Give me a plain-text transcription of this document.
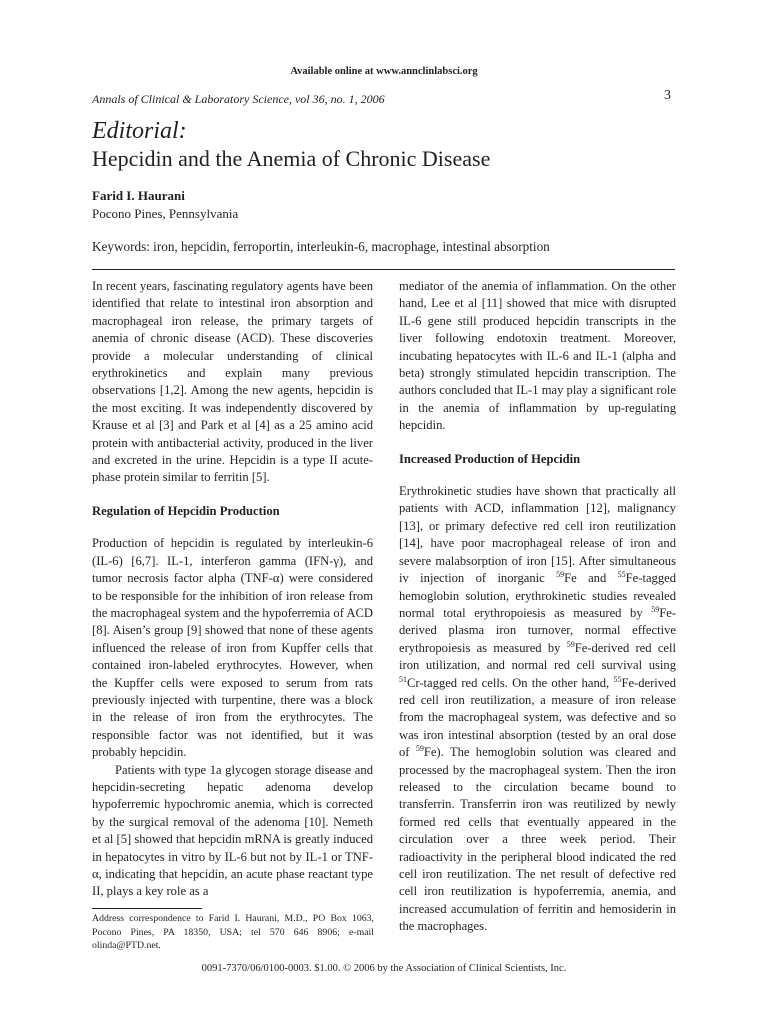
Available online at www.annclinlabsci.org
Annals of Clinical & Laboratory Science, vol 36, no. 1, 2006	3
Editorial:
Hepcidin and the Anemia of Chronic Disease
Farid I. Haurani
Pocono Pines, Pennsylvania
Keywords: iron, hepcidin, ferroportin, interleukin-6, macrophage, intestinal absorption

In recent years, fascinating regulatory agents have been identified that relate to intestinal iron absorption and macrophageal iron release, the primary targets of anemia of chronic disease (ACD). These discoveries provide a molecular understanding of clinical erythrokinetics and explain many previous observations [1,2]. Among the new agents, hepcidin is the most exciting. It was independently discovered by Krause et al [3] and Park et al [4] as a 25 amino acid protein with antibacterial activity, produced in the liver and excreted in the urine. Hepcidin is a type II acute-phase protein similar to ferritin [5].

Regulation of Hepcidin Production

Production of hepcidin is regulated by interleukin-6 (IL-6) [6,7]. IL-1, interferon gamma (IFN-γ), and tumor necrosis factor alpha (TNF-α) were considered to be responsible for the inhibition of iron release from the macrophageal system and the hypoferremia of ACD [8]. Aisen’s group [9] showed that none of these agents influenced the release of iron from Kupffer cells that contained iron-labeled erythrocytes. However, when the Kupffer cells were exposed to serum from rats previously injected with turpentine, there was a block in the release of iron from the erythrocytes. The responsible factor was not identified, but it was probably hepcidin.

Patients with type 1a glycogen storage disease and hepcidin-secreting hepatic adenoma develop hypoferremic hypochromic anemia, which is corrected by the surgical removal of the adenoma [10]. Nemeth et al [5] showed that hepcidin mRNA is greatly induced in hepatocytes in vitro by IL-6 but not by IL-1 or TNF-α, indicating that hepcidin, an acute phase reactant type II, plays a key role as a

mediator of the anemia of inflammation. On the other hand, Lee et al [11] showed that mice with disrupted IL-6 gene still produced hepcidin transcripts in the liver following endotoxin treatment. Moreover, incubating hepatocytes with IL-6 and IL-1 (alpha and beta) strongly stimulated hepcidin transcription. The authors concluded that IL-1 may play a significant role in the anemia of inflammation by up-regulating hepcidin.

Increased Production of Hepcidin

Erythrokinetic studies have shown that practically all patients with ACD, inflammation [12], malignancy [13], or primary defective red cell iron reutilization [14], have poor macrophageal release of iron and severe malabsorption of iron [15]. After simultaneous iv injection of inorganic $^{59}$Fe and $^{55}$Fe-tagged hemoglobin solution, erythrokinetic studies revealed normal total erythropoiesis as measured by $^{59}$Fe-derived plasma iron turnover, normal effective erythropoiesis as measured by $^{59}$Fe-derived red cell iron utilization, and normal red cell survival using $^{51}$Cr-tagged red cells. On the other hand, $^{55}$Fe-derived red cell iron reutilization, a measure of iron release from the macrophageal system, was defective and so was iron intestinal absorption (tested by an oral dose of $^{59}$Fe). The hemoglobin solution was cleared and processed by the macrophageal system. Then the iron released to the circulation became bound to transferrin. Transferrin iron was reutilized by newly formed red cells that eventually appeared in the circulation over a three week period. Their radioactivity in the peripheral blood indicated the red cell iron reutilization. The net result of defective red cell iron reutilization is hypoferremia, anemia, and increased accumulation of ferritin and hemosiderin in the macrophages.

Address correspondence to Farid I. Haurani, M.D., PO Box 1063, Pocono Pines, PA 18350, USA; tel 570 646 8906; e-mail olinda@PTD.net.
0091-7370/06/0100-0003. $1.00. © 2006 by the Association of Clinical Scientists, Inc.
